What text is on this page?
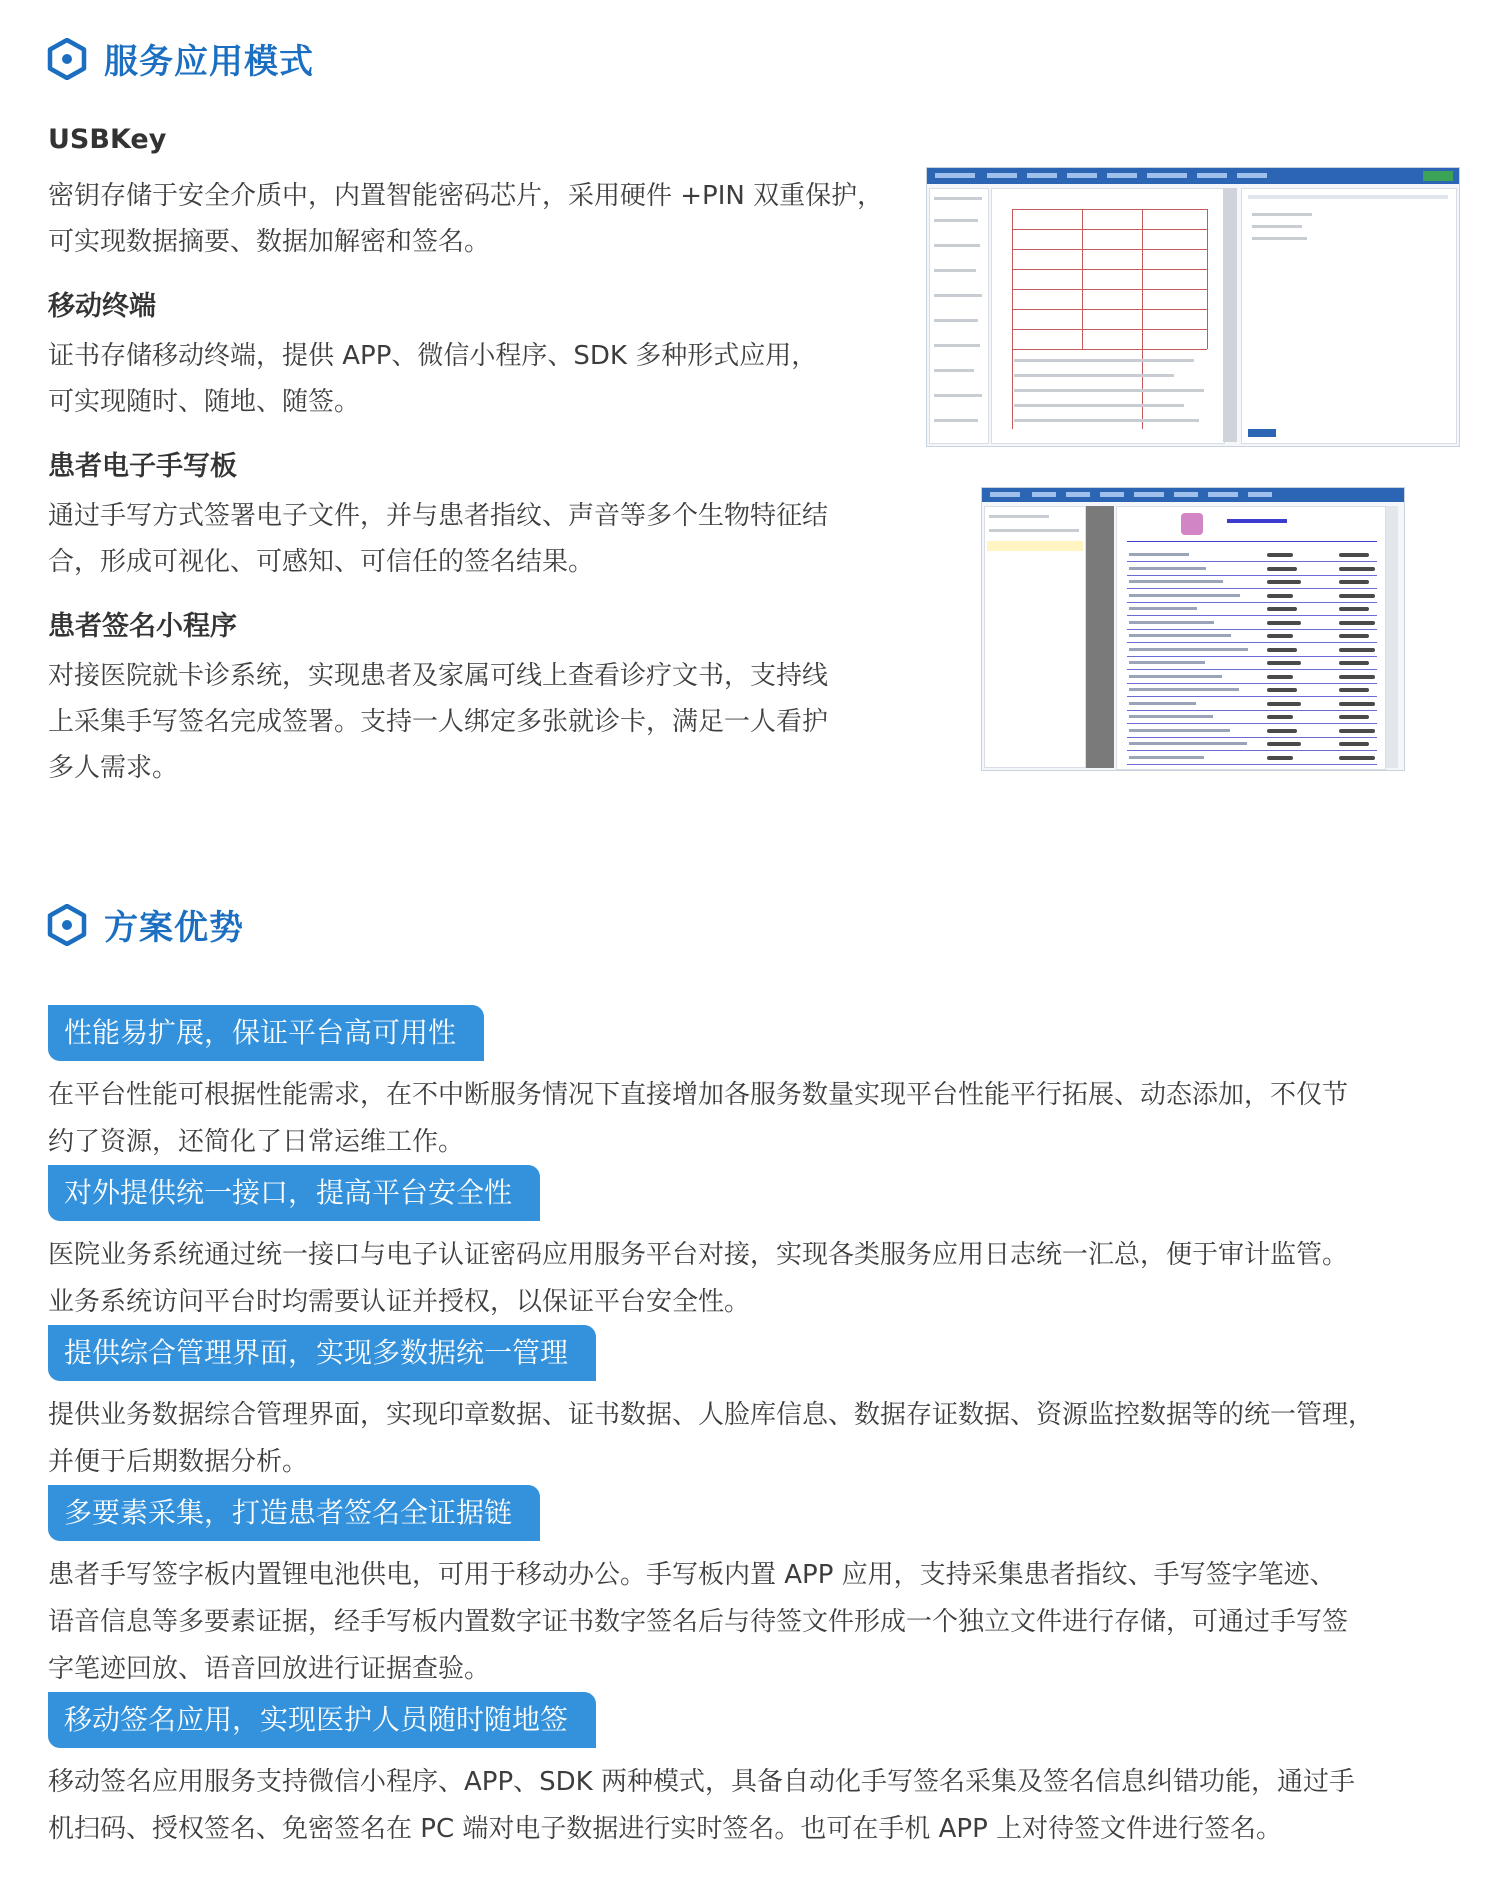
服务应用模式
USBKey
密钥存储于安全介质中，内置智能密码芯片，采用硬件 +PIN 双重保护，
可实现数据摘要、数据加解密和签名。
移动终端
证书存储移动终端，提供 APP、微信小程序、SDK 多种形式应用，
可实现随时、随地、随签。
患者电子手写板
通过手写方式签署电子文件，并与患者指纹、声音等多个生物特征结
合，形成可视化、可感知、可信任的签名结果。
患者签名小程序
对接医院就卡诊系统，实现患者及家属可线上查看诊疗文书，支持线
上采集手写签名完成签署。支持一人绑定多张就诊卡，满足一人看护
多人需求。
方案优势
性能易扩展，保证平台高可用性
在平台性能可根据性能需求，在不中断服务情况下直接增加各服务数量实现平台性能平行拓展、动态添加，不仅节
约了资源，还简化了日常运维工作。
对外提供统一接口，提高平台安全性
医院业务系统通过统一接口与电子认证密码应用服务平台对接，实现各类服务应用日志统一汇总，便于审计监管。
业务系统访问平台时均需要认证并授权，以保证平台安全性。
提供综合管理界面，实现多数据统一管理
提供业务数据综合管理界面，实现印章数据、证书数据、人脸库信息、数据存证数据、资源监控数据等的统一管理，
并便于后期数据分析。
多要素采集，打造患者签名全证据链
患者手写签字板内置锂电池供电，可用于移动办公。手写板内置 APP 应用，支持采集患者指纹、手写签字笔迹、
语音信息等多要素证据，经手写板内置数字证书数字签名后与待签文件形成一个独立文件进行存储，可通过手写签
字笔迹回放、语音回放进行证据查验。
移动签名应用，实现医护人员随时随地签
移动签名应用服务支持微信小程序、APP、SDK 两种模式，具备自动化手写签名采集及签名信息纠错功能，通过手
机扫码、授权签名、免密签名在 PC 端对电子数据进行实时签名。也可在手机 APP 上对待签文件进行签名。
